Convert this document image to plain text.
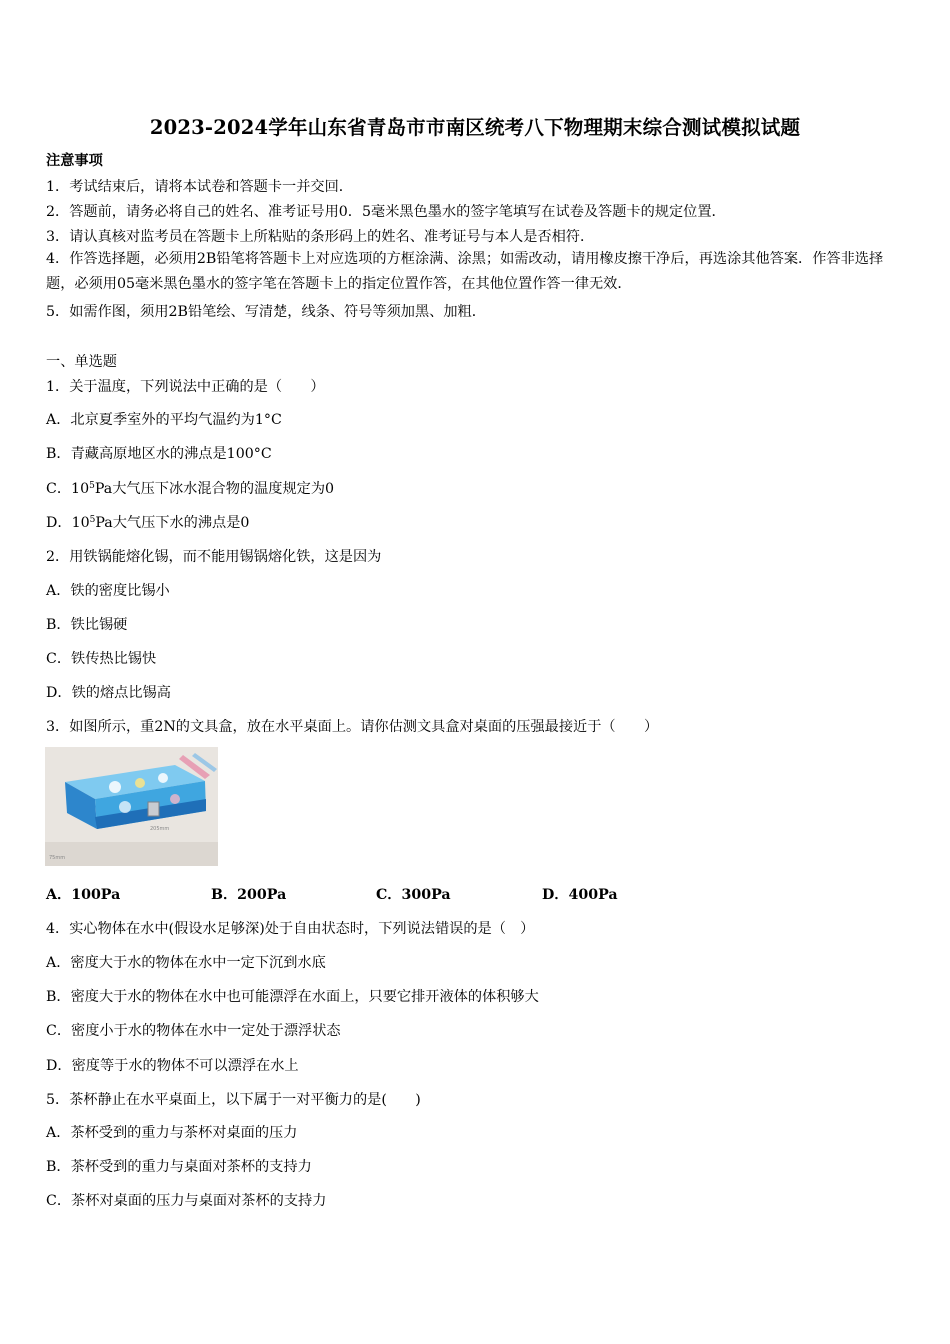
2023-2024学年山东省青岛市市南区统考八下物理期末综合测试模拟试题
注意事项
1．考试结束后，请将本试卷和答题卡一并交回．
2．答题前，请务必将自己的姓名、准考证号用0．5毫米黑色墨水的签字笔填写在试卷及答题卡的规定位置．
3．请认真核对监考员在答题卡上所粘贴的条形码上的姓名、准考证号与本人是否相符．
4．作答选择题，必须用2B铅笔将答题卡上对应选项的方框涂满、涂黑；如需改动，请用橡皮擦干净后，再选涂其他答案．作答非选择题，必须用05毫米黑色墨水的签字笔在答题卡上的指定位置作答，在其他位置作答一律无效．
5．如需作图，须用2B铅笔绘、写清楚，线条、符号等须加黑、加粗．
一、单选题
1．关于温度，下列说法中正确的是（　　）
A．北京夏季室外的平均气温约为1°C
B．青藏高原地区水的沸点是100°C
C．$10^5Pa$大气压下冰水混合物的温度规定为0
D．$10^5Pa$大气压下水的沸点是0
2．用铁锅能熔化锡，而不能用锡锅熔化铁，这是因为
A．铁的密度比锡小
B．铁比锡硬
C．铁传热比锡快
D．铁的熔点比锡高
3．如图所示，重2N的文具盒，放在水平桌面上。请你估测文具盒对桌面的压强最接近于（　　）
75mm
205mm
A．100Pa	B．200Pa	C．300Pa	D．400Pa
4．实心物体在水中(假设水足够深)处于自由状态时，下列说法错误的是（　）
A．密度大于水的物体在水中一定下沉到水底
B．密度大于水的物体在水中也可能漂浮在水面上，只要它排开液体的体积够大
C．密度小于水的物体在水中一定处于漂浮状态
D．密度等于水的物体不可以漂浮在水上
5．茶杯静止在水平桌面上，以下属于一对平衡力的是(　　)
A．茶杯受到的重力与茶杯对桌面的压力
B．茶杯受到的重力与桌面对茶杯的支持力
C．茶杯对桌面的压力与桌面对茶杯的支持力
